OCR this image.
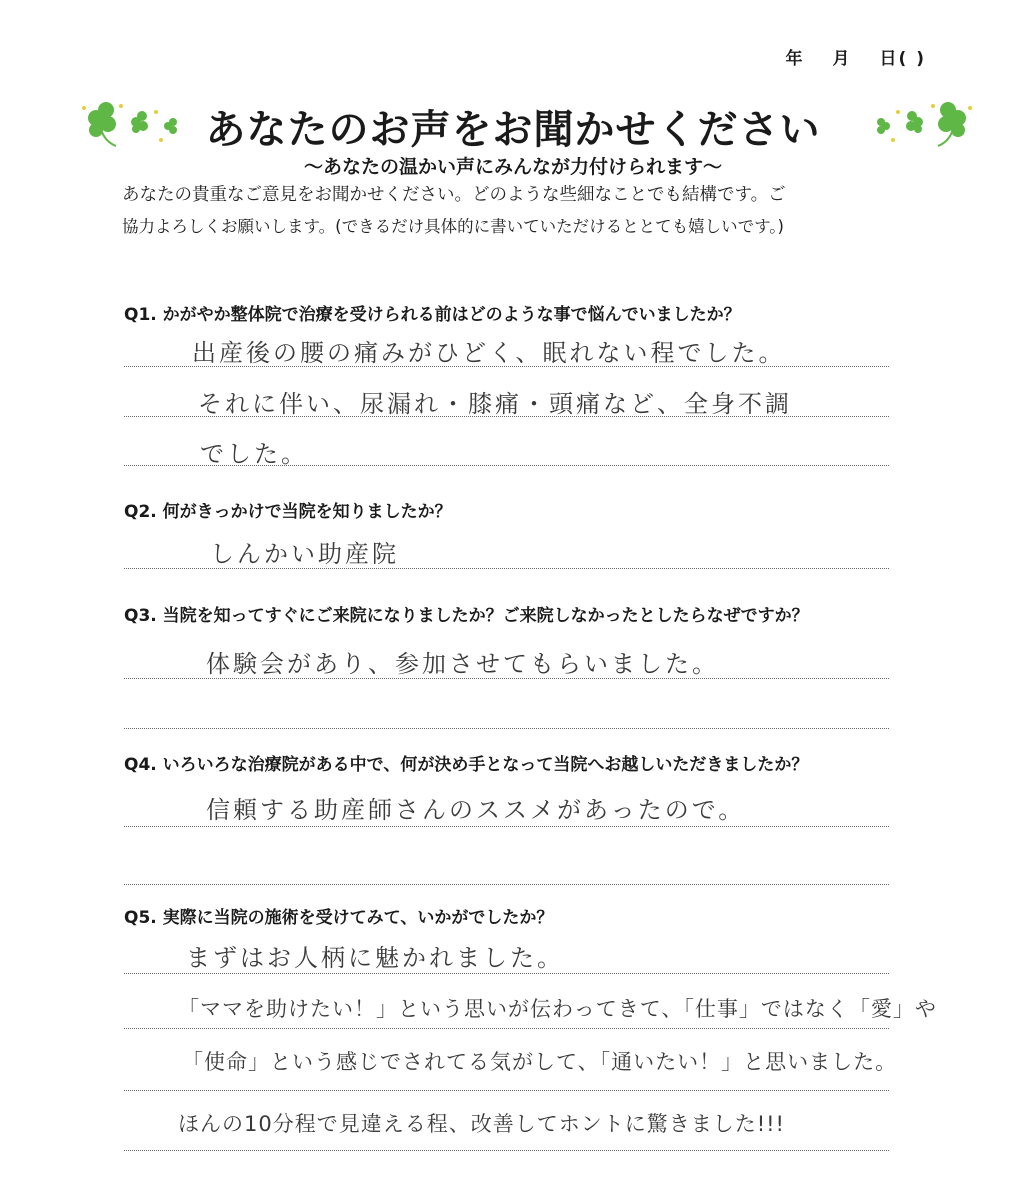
年 月 日( )
あなたのお声をお聞かせください
〜あなたの温かい声にみんなが力付けられます〜
あなたの貴重なご意見をお聞かせください。どのような些細なことでも結構です。ご
協力よろしくお願いします。(できるだけ具体的に書いていただけるととても嬉しいです。)
Q1. かがやか整体院で治療を受けられる前はどのような事で悩んでいましたか？
出産後の腰の痛みがひどく、眠れない程でした。
それに伴い、尿漏れ・膝痛・頭痛など、全身不調
でした。
Q2. 何がきっかけで当院を知りましたか？
しんかい助産院
Q3. 当院を知ってすぐにご来院になりましたか？ご来院しなかったとしたらなぜですか？
体験会があり、参加させてもらいました。
Q4. いろいろな治療院がある中で、何が決め手となって当院へお越しいただきましたか？
信頼する助産師さんのススメがあったので。
Q5. 実際に当院の施術を受けてみて、いかがでしたか？
まずはお人柄に魅かれました。
「ママを助けたい！」という思いが伝わってきて、「仕事」ではなく「愛」や
「使命」という感じでされてる気がして、「通いたい！」と思いました。
ほんの10分程で見違える程、改善してホントに驚きました!!!
